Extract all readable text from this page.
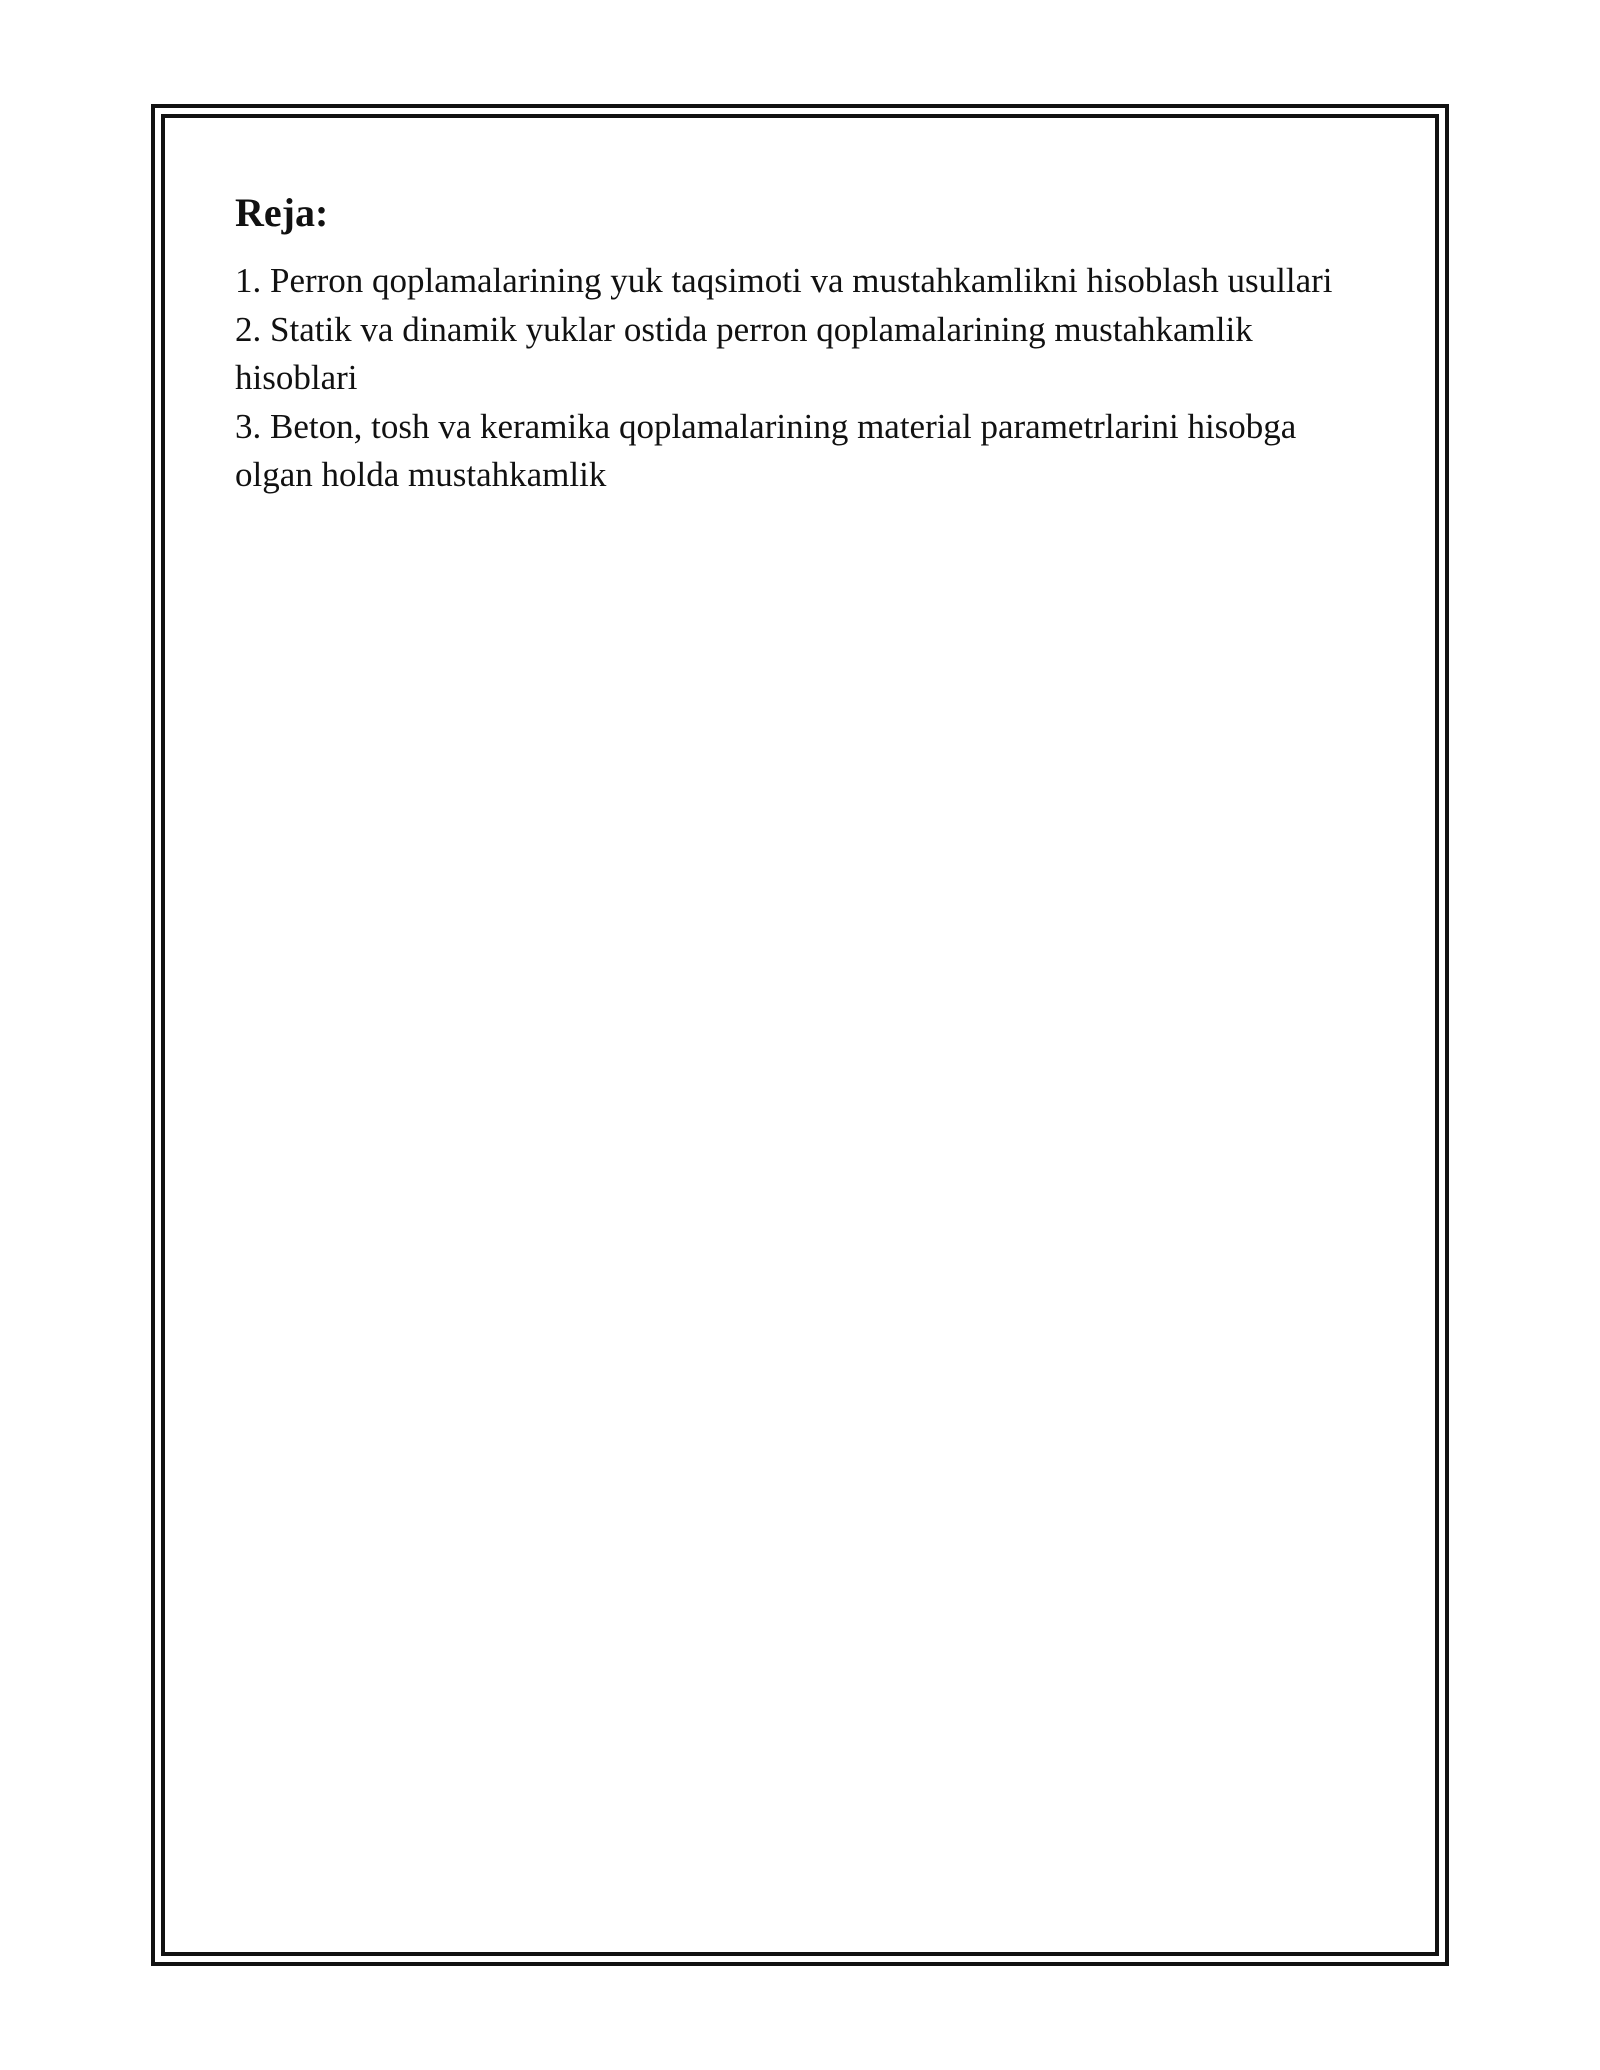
Reja:

1. Perron qoplamalarining yuk taqsimoti va mustahkamlikni hisoblash usullari

2. Statik va dinamik yuklar ostida perron qoplamalarining mustahkamlik hisoblari

3. Beton, tosh va keramika qoplamalarining material parametrlarini hisobga olgan holda mustahkamlik
